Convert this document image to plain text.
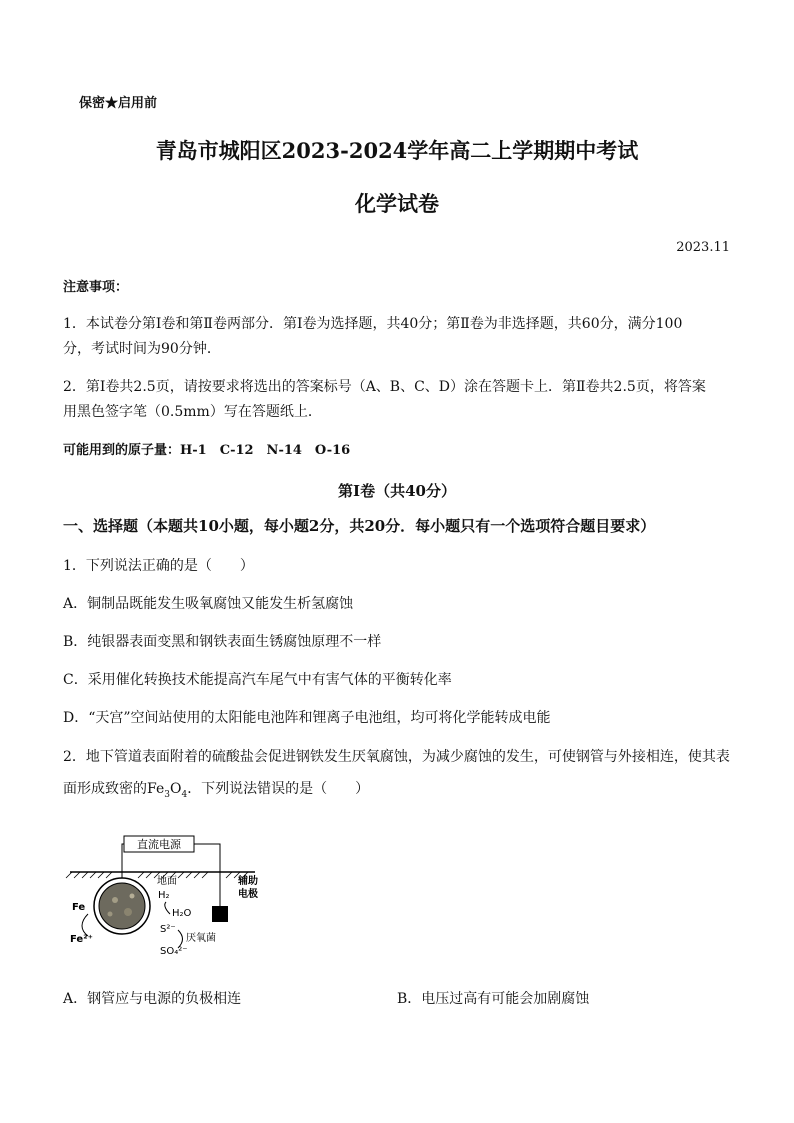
保密★启用前
青岛市城阳区2023-2024学年高二上学期期中考试
化学试卷
2023.11
注意事项：
1．本试卷分第Ⅰ卷和第Ⅱ卷两部分．第Ⅰ卷为选择题，共40分；第Ⅱ卷为非选择题，共60分，满分100
分，考试时间为90分钟．
2．第Ⅰ卷共2.5页，请按要求将选出的答案标号（A、B、C、D）涂在答题卡上．第Ⅱ卷共2.5页，将答案
用黑色签字笔（0.5mm）写在答题纸上．
可能用到的原子量：H-1　C-12　N-14　O-16
第Ⅰ卷（共40分）
一、选择题（本题共10小题，每小题2分，共20分．每小题只有一个选项符合题目要求）
1．下列说法正确的是（　　）
A．铜制品既能发生吸氧腐蚀又能发生析氢腐蚀
B．纯银器表面变黑和钢铁表面生锈腐蚀原理不一样
C．采用催化转换技术能提高汽车尾气中有害气体的平衡转化率
D．“天宫”空间站使用的太阳能电池阵和锂离子电池组，均可将化学能转成电能
2．地下管道表面附着的硫酸盐会促进钢铁发生厌氧腐蚀，为减少腐蚀的发生，可使钢管与外接相连，使其表
面形成致密的$Fe_3O_4$．下列说法错误的是（　　）
直流电源
辅助
电极
地面
Fe
Fe²⁺
H₂
H₂O
S²⁻
SO₄²⁻
厌氧菌
A．钢管应与电源的负极相连	B．电压过高有可能会加剧腐蚀
